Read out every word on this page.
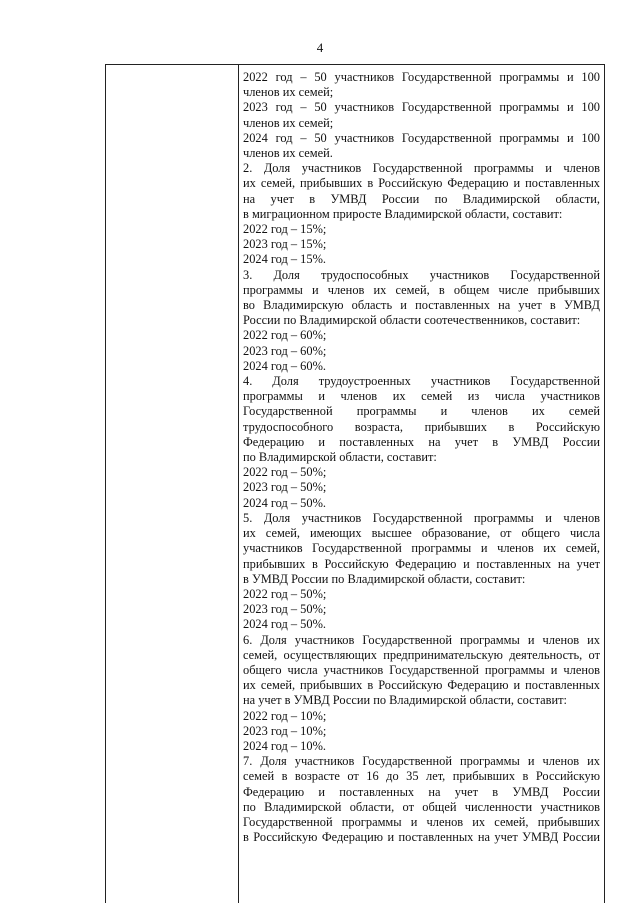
4
2022 год – 50 участников Государственной программы и 100
членов их семей;
2023 год – 50 участников Государственной программы и 100
членов их семей;
2024 год – 50 участников Государственной программы и 100
членов их семей.
2. Доля участников Государственной программы и членов
их семей, прибывших в Российскую Федерацию и поставленных
на учет в УМВД России по Владимирской области,
в миграционном приросте Владимирской области, составит:
2022 год – 15%;
2023 год – 15%;
2024 год – 15%.
3. Доля трудоспособных участников Государственной
программы и членов их семей, в общем числе прибывших
во Владимирскую область и поставленных на учет в УМВД
России по Владимирской области соотечественников, составит:
2022 год – 60%;
2023 год – 60%;
2024 год – 60%.
4. Доля трудоустроенных участников Государственной
программы и членов их семей из числа участников
Государственной программы и членов их семей
трудоспособного возраста, прибывших в Российскую
Федерацию и поставленных на учет в УМВД России
по Владимирской области, составит:
2022 год – 50%;
2023 год – 50%;
2024 год – 50%.
5. Доля участников Государственной программы и членов
их семей, имеющих высшее образование, от общего числа
участников Государственной программы и членов их семей,
прибывших в Российскую Федерацию и поставленных на учет
в УМВД России по Владимирской области, составит:
2022 год – 50%;
2023 год – 50%;
2024 год – 50%.
6. Доля участников Государственной программы и членов их
семей, осуществляющих предпринимательскую деятельность, от
общего числа участников Государственной программы и членов
их семей, прибывших в Российскую Федерацию и поставленных
на учет в УМВД России по Владимирской области, составит:
2022 год – 10%;
2023 год – 10%;
2024 год – 10%.
7. Доля участников Государственной программы и членов их
семей в возрасте от 16 до 35 лет, прибывших в Российскую
Федерацию и поставленных на учет в УМВД России
по Владимирской области, от общей численности участников
Государственной программы и членов их семей, прибывших
в Российскую Федерацию и поставленных на учет УМВД России
